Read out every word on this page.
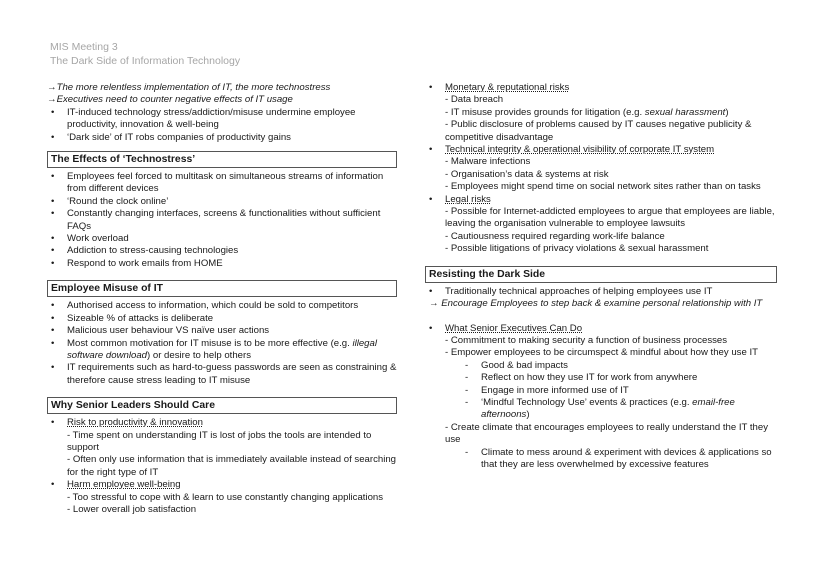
MIS Meeting 3
The Dark Side of Information Technology
→The more relentless implementation of IT, the more technostress
→Executives need to counter negative effects of IT usage
• IT-induced technology stress/addiction/misuse undermine employee productivity, innovation & well-being
• ‘Dark side’ of IT robs companies of productivity gains
The Effects of ‘Technostress’
• Employees feel forced to multitask on simultaneous streams of information from different devices
• ‘Round the clock online’
• Constantly changing interfaces, screens & functionalities without sufficient FAQs
• Work overload
• Addiction to stress-causing technologies
• Respond to work emails from HOME
Employee Misuse of IT
• Authorised access to information, which could be sold to competitors
• Sizeable % of attacks is deliberate
• Malicious user behaviour VS naïve user actions
• Most common motivation for IT misuse is to be more effective (e.g. illegal software download) or desire to help others
• IT requirements such as hard-to-guess passwords are seen as constraining & therefore cause stress leading to IT misuse
Why Senior Leaders Should Care
• Risk to productivity & innovation
- Time spent on understanding IT is lost of jobs the tools are intended to support
- Often only use information that is immediately available instead of searching for the right type of IT
• Harm employee well-being
- Too stressful to cope with & learn to use constantly changing applications
- Lower overall job satisfaction
• Monetary & reputational risks
- Data breach
- IT misuse provides grounds for litigation (e.g. sexual harassment)
- Public disclosure of problems caused by IT causes negative publicity & competitive disadvantage
• Technical integrity & operational visibility of corporate IT system
- Malware infections
- Organisation’s data & systems at risk
- Employees might spend time on social network sites rather than on tasks
• Legal risks
- Possible for Internet-addicted employees to argue that employees are liable, leaving the organisation vulnerable to employee lawsuits
- Cautiousness required regarding work-life balance
- Possible litigations of privacy violations & sexual harassment
Resisting the Dark Side
• Traditionally technical approaches of helping employees use IT
→ Encourage Employees to step back & examine personal relationship with IT
• What Senior Executives Can Do
- Commitment to making security a function of business processes
- Empower employees to be circumspect & mindful about how they use IT
- Good & bad impacts
- Reflect on how they use IT for work from anywhere
- Engage in more informed use of IT
- ‘Mindful Technology Use’ events & practices (e.g. email-free afternoons)
- Create climate that encourages employees to really understand the IT they use
- Climate to mess around & experiment with devices & applications so that they are less overwhelmed by excessive features
